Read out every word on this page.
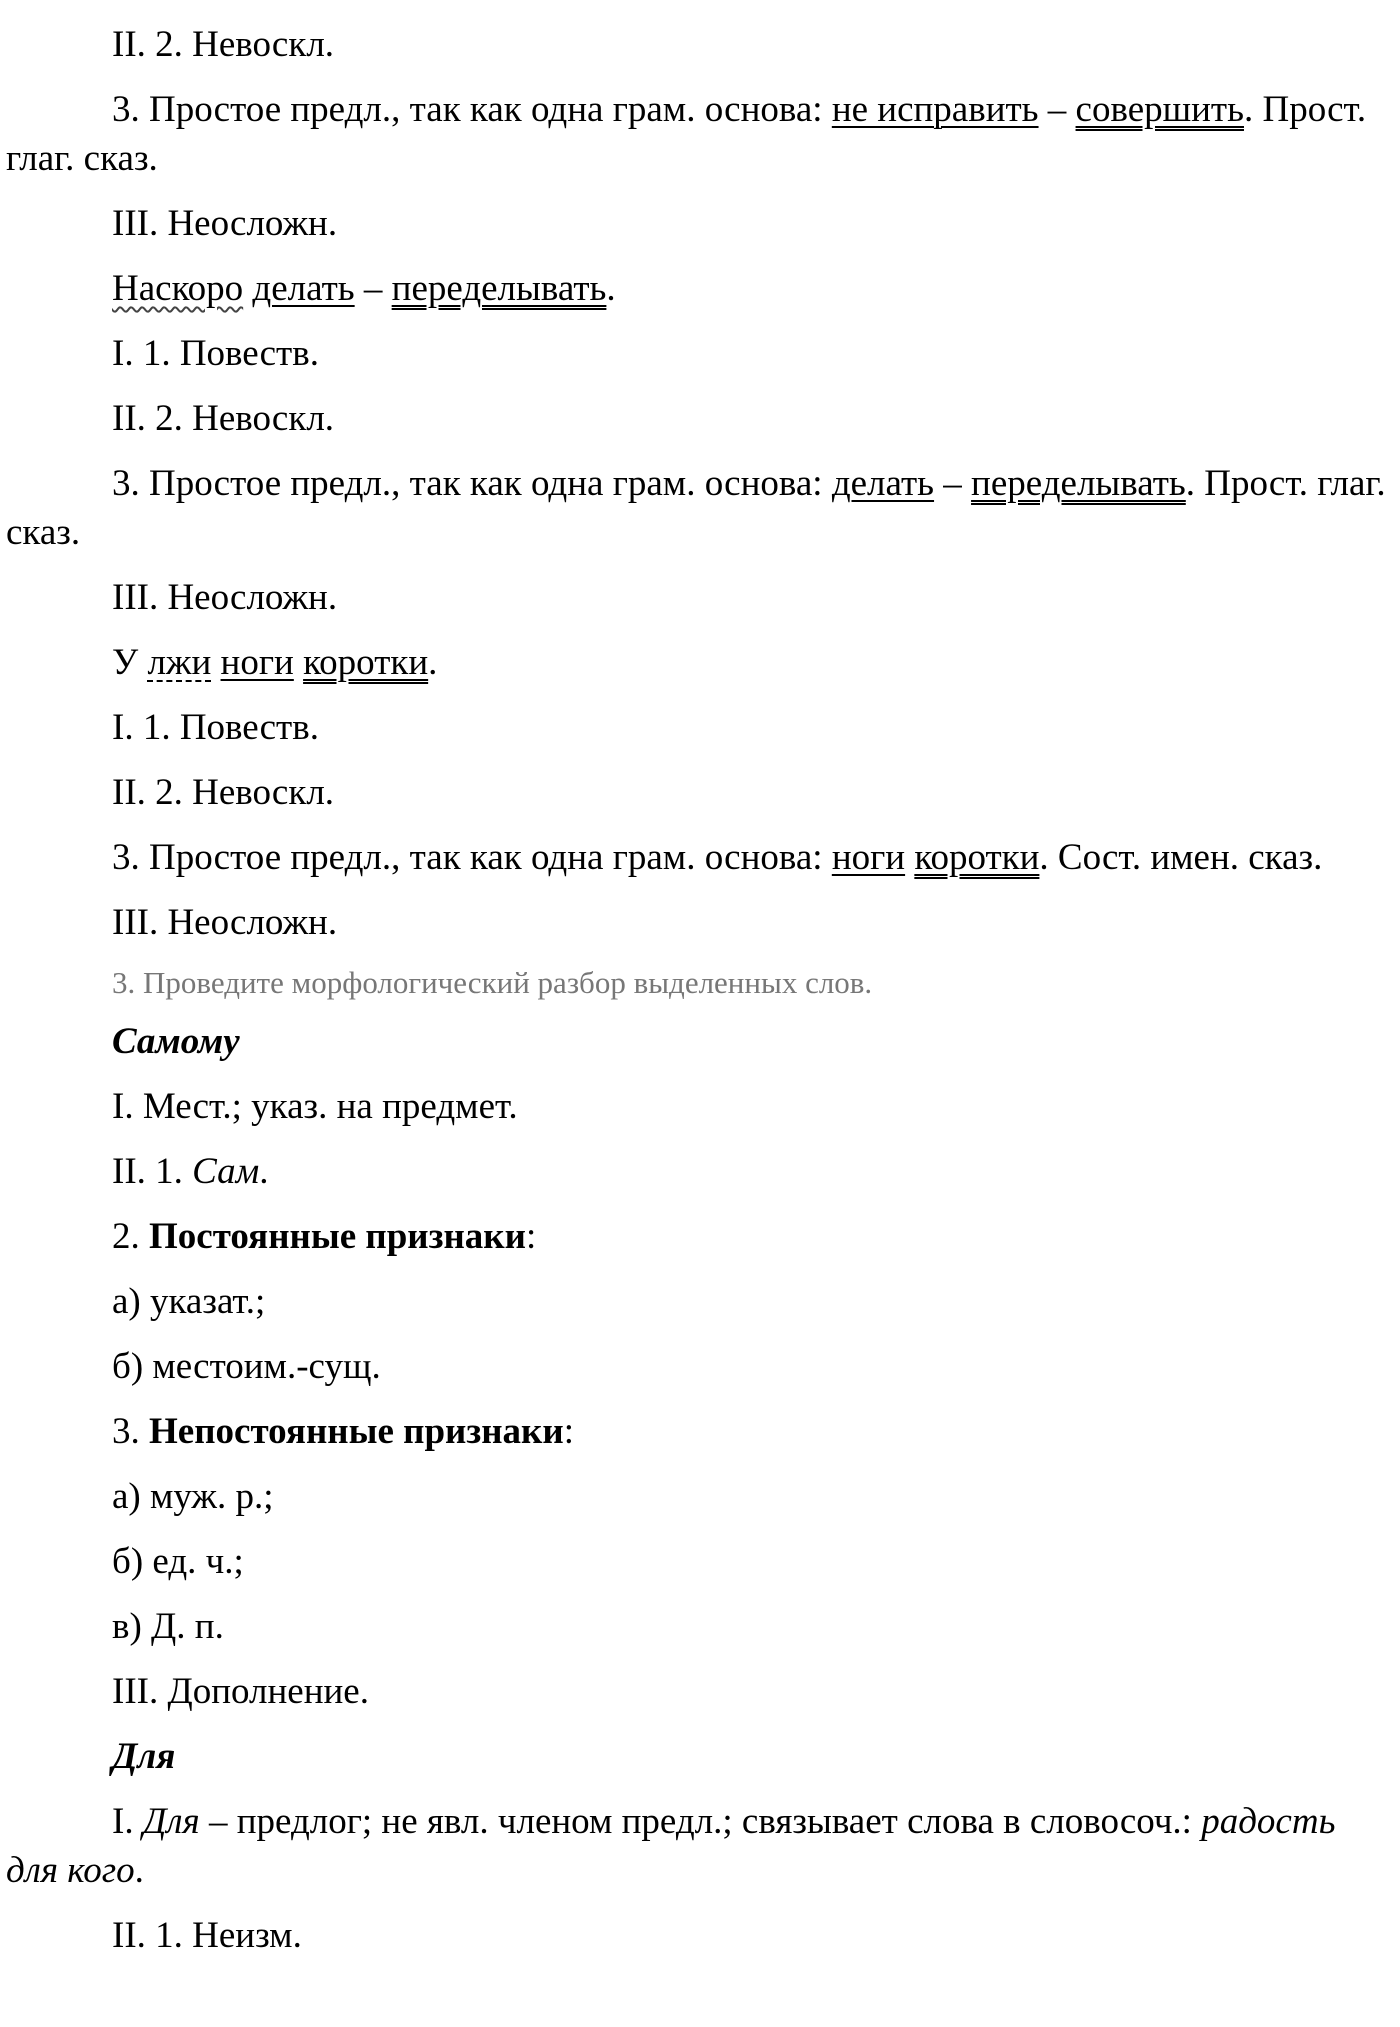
II. 2. Невоскл.

3. Простое предл., так как одна грам. основа: не исправить – совершить. Прост. глаг. сказ.

III. Неосложн.

Наскоро делать – переделывать.

I. 1. Повеств.

II. 2. Невоскл.

3. Простое предл., так как одна грам. основа: делать – переделывать. Прост. глаг. сказ.

III. Неосложн.

У лжи ноги коротки.

I. 1. Повеств.

II. 2. Невоскл.

3. Простое предл., так как одна грам. основа: ноги коротки. Сост. имен. сказ.

III. Неосложн.

3. Проведите морфологический разбор выделенных слов.

Самому

I. Мест.; указ. на предмет.

II. 1. Сам.

2. Постоянные признаки:

а) указат.;

б) местоим.-сущ.

3. Непостоянные признаки:

а) муж. р.;

б) ед. ч.;

в) Д. п.

III. Дополнение.

Для

I. Для – предлог; не явл. членом предл.; связывает слова в словосоч.: радость для кого.

II. 1. Неизм.
